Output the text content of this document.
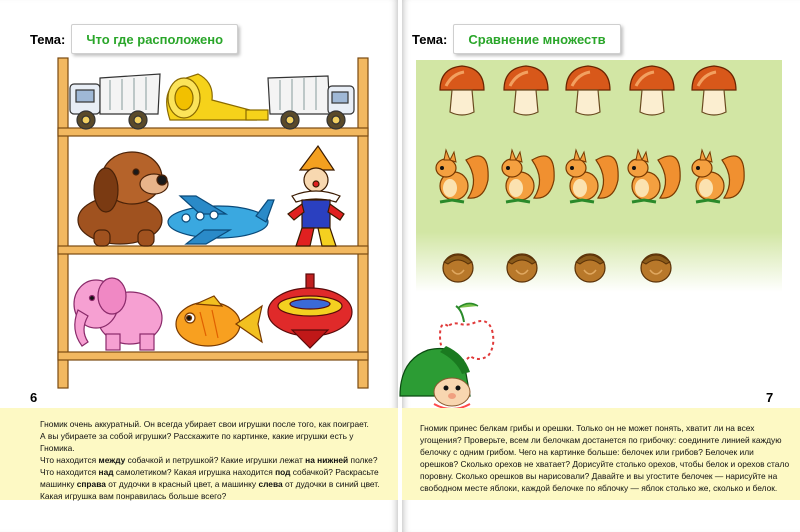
Тема:	Что где расположено
6

Гномик очень аккуратный. Он всегда убирает свои игрушки после того, как поиграет.

А вы убираете за собой игрушки? Расскажите по картинке, какие игрушки есть у Гномика.

Что находится между собачкой и петрушкой? Какие игрушки лежат на нижней полке?

Что находится над самолетиком? Какая игрушка находится под собачкой? Раскрасьте

машинку справа от дудочки в красный цвет, а машинку слева от дудочки в синий цвет.

Какая игрушка вам понравилась больше всего?

Тема:	Сравнение множеств

Гномик принес белкам грибы и орешки. Только он не может понять, хватит ли на всех угощения? Проверьте, всем ли белочкам достанется по грибочку: соедините линией каждую белочку с одним грибом. Чего на картинке больше: белочек или грибов? Белочек или орешков? Сколько орехов не хватает? Дорисуйте столько орехов, чтобы белок и орехов стало поровну. Сколько орешков вы нарисовали? Давайте и вы угостите белочек — нарисуйте на свободном месте яблоки, каждой белочке по яблочку — яблок столько же, сколько и белок.

7
